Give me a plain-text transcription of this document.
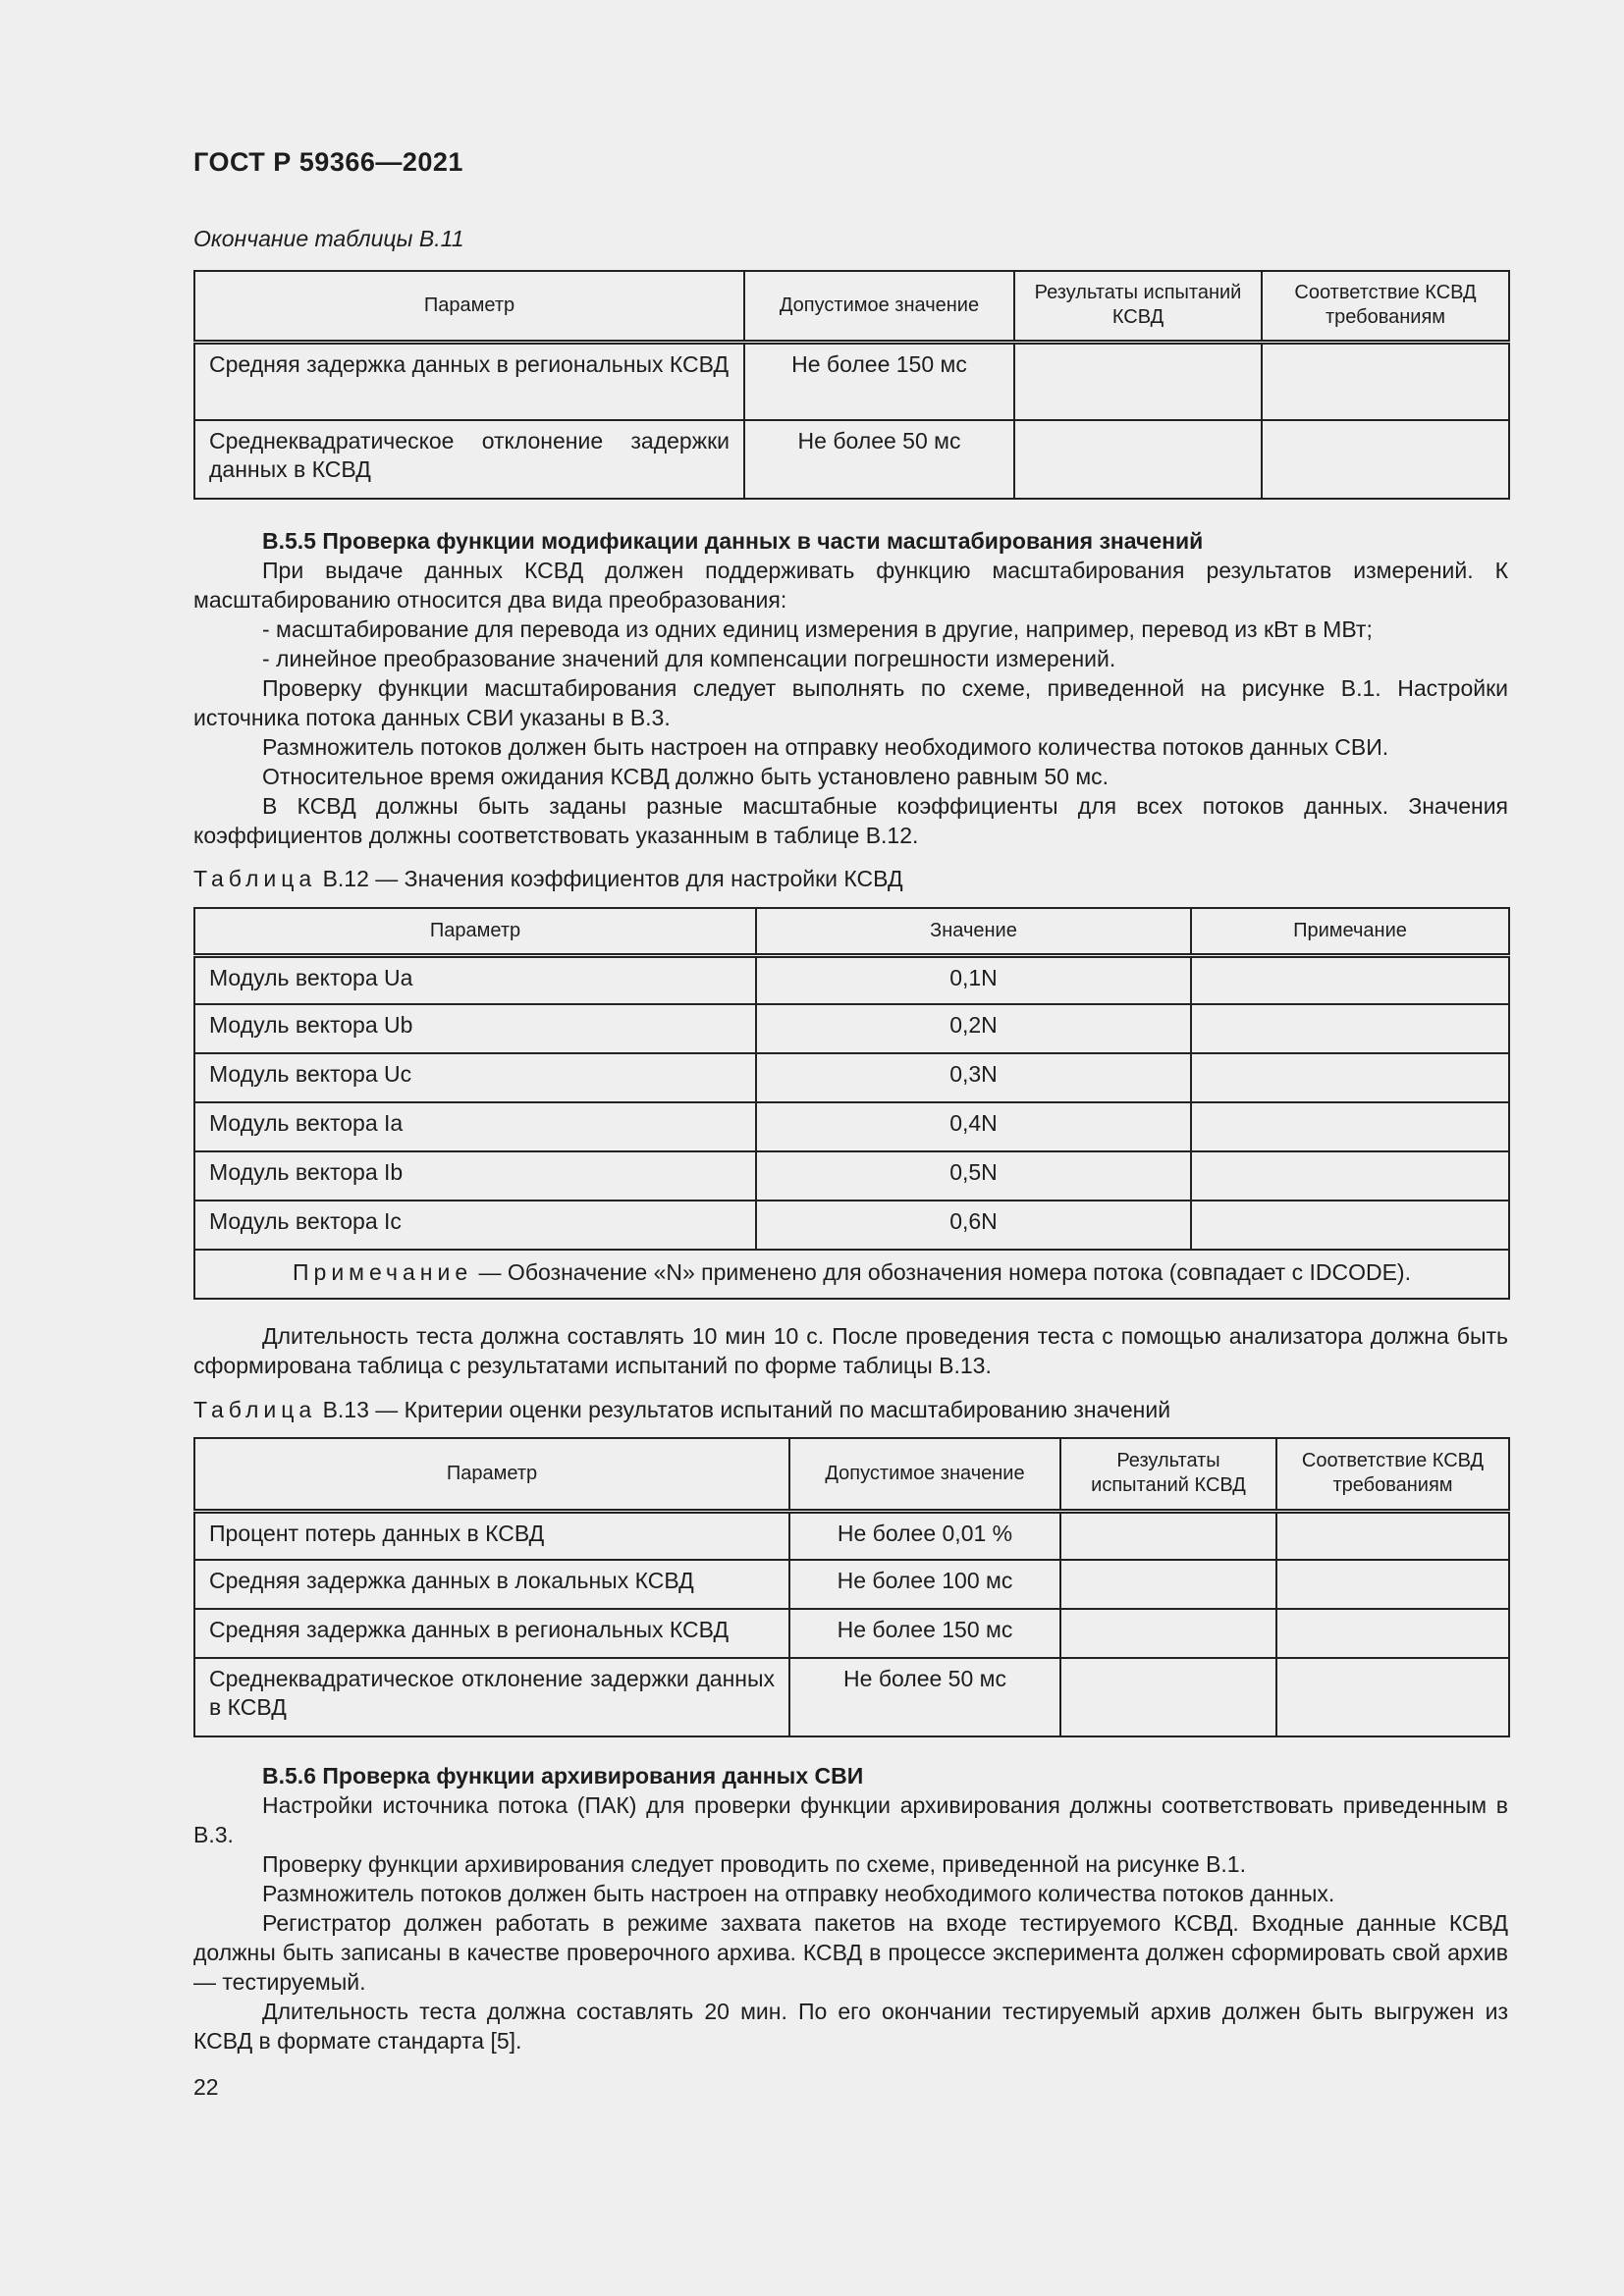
ГОСТ Р 59366—2021
Окончание таблицы В.11
Параметр	Допустимое значение	Результаты испытаний КСВД	Соответствие КСВД требованиям
Средняя задержка данных в региональных КСВД	Не более 150 мс		
Среднеквадратическое отклонение задержки данных в КСВД	Не более 50 мс		

В.5.5 Проверка функции модификации данных в части масштабирования значений

При выдаче данных КСВД должен поддерживать функцию масштабирования результатов измерений. К масштабированию относится два вида преобразования:

- масштабирование для перевода из одних единиц измерения в другие, например, перевод из кВт в МВт;

- линейное преобразование значений для компенсации погрешности измерений.

Проверку функции масштабирования следует выполнять по схеме, приведенной на рисунке В.1. Настройки источника потока данных СВИ указаны в В.3.

Размножитель потоков должен быть настроен на отправку необходимого количества потоков данных СВИ.

Относительное время ожидания КСВД должно быть установлено равным 50 мс.

В КСВД должны быть заданы разные масштабные коэффициенты для всех потоков данных. Значения коэффициентов должны соответствовать указанным в таблице В.12.

Таблица В.12 — Значения коэффициентов для настройки КСВД
Параметр	Значение	Примечание
Модуль вектора Ua	0,1N	
Модуль вектора Ub	0,2N	
Модуль вектора Uc	0,3N	
Модуль вектора Ia	0,4N	
Модуль вектора Ib	0,5N	
Модуль вектора Ic	0,6N	
Примечание — Обозначение «N» применено для обозначения номера потока (совпадает с IDCODE).		

Длительность теста должна составлять 10 мин 10 с. После проведения теста с помощью анализатора должна быть сформирована таблица с результатами испытаний по форме таблицы В.13.

Таблица В.13 — Критерии оценки результатов испытаний по масштабированию значений
Параметр	Допустимое значение	Результаты испытаний КСВД	Соответствие КСВД требованиям
Процент потерь данных в КСВД	Не более 0,01 %		
Средняя задержка данных в локальных КСВД	Не более 100 мс		
Средняя задержка данных в региональных КСВД	Не более 150 мс		
Среднеквадратическое отклонение задержки данных в КСВД	Не более 50 мс		

В.5.6 Проверка функции архивирования данных СВИ

Настройки источника потока (ПАК) для проверки функции архивирования должны соответствовать приведенным в В.3.

Проверку функции архивирования следует проводить по схеме, приведенной на рисунке В.1.

Размножитель потоков должен быть настроен на отправку необходимого количества потоков данных.

Регистратор должен работать в режиме захвата пакетов на входе тестируемого КСВД. Входные данные КСВД должны быть записаны в качестве проверочного архива. КСВД в процессе эксперимента должен сформировать свой архив — тестируемый.

Длительность теста должна составлять 20 мин. По его окончании тестируемый архив должен быть выгружен из КСВД в формате стандарта [5].

22
